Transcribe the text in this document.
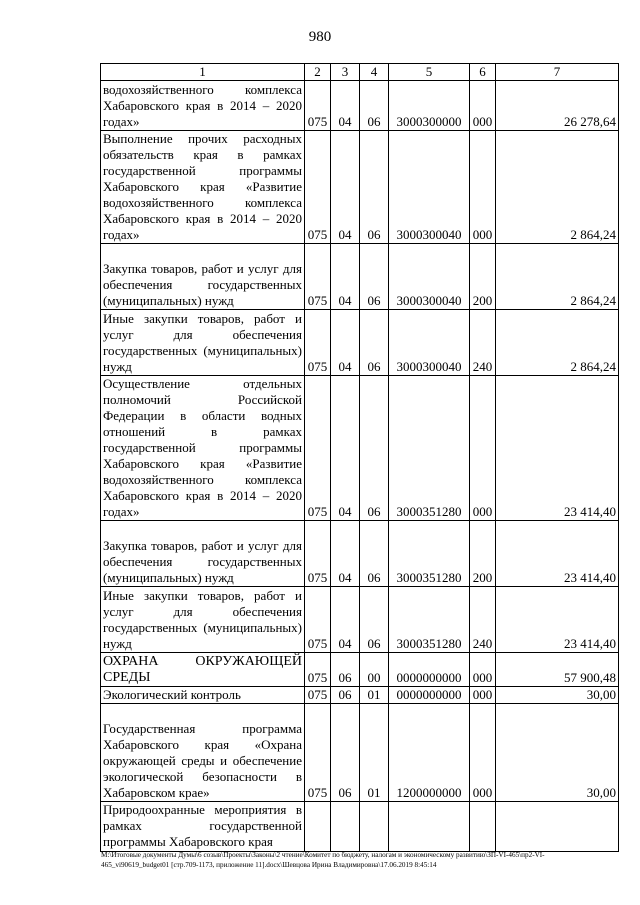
980
1	2	3	4	5	6	7
водохозяйственного комплекса Хабаровского края в 2014 – 2020 годах»	075	04	06	3000300000	000	26 278,64
Выполнение прочих расходных обязательств края в рамках государственной программы Хабаровского края «Развитие водохозяйственного комплекса Хабаровского края в 2014 – 2020 годах»	075	04	06	3000300040	000	2 864,24
Закупка товаров, работ и услуг для обеспечения государственных (муниципальных) нужд	075	04	06	3000300040	200	2 864,24
Иные закупки товаров, работ и услуг для обеспечения государственных (муниципальных) нужд	075	04	06	3000300040	240	2 864,24
Осуществление отдельных полномочий Российской Федерации в области водных отношений в рамках государственной программы Хабаровского края «Развитие водохозяйственного комплекса Хабаровского края в 2014 – 2020 годах»	075	04	06	3000351280	000	23 414,40
Закупка товаров, работ и услуг для обеспечения государственных (муниципальных) нужд	075	04	06	3000351280	200	23 414,40
Иные закупки товаров, работ и услуг для обеспечения государственных (муниципальных) нужд	075	04	06	3000351280	240	23 414,40
ОХРАНА ОКРУЖАЮЩЕЙ СРЕДЫ	075	06	00	0000000000	000	57 900,48
Экологический контроль	075	06	01	0000000000	000	30,00
Государственная программа Хабаровского края «Охрана окружающей среды и обеспечение экологической безопасности в Хабаровском крае»	075	06	01	1200000000	000	30,00
Природоохранные мероприятия в рамках государственной программы Хабаровского края						
М:\Итоговые документы Думы\6 созыв\Проекты\Законы\2 чтение\Комитет по бюджету, налогам и экономическому развитию\ЗП-VI-465\пр2-VI-
465_vi90619_budget01 [стр.709-1173, приложение 11].docx\Шевцова Ирина Владимировна\17.06.2019 8:45:14
